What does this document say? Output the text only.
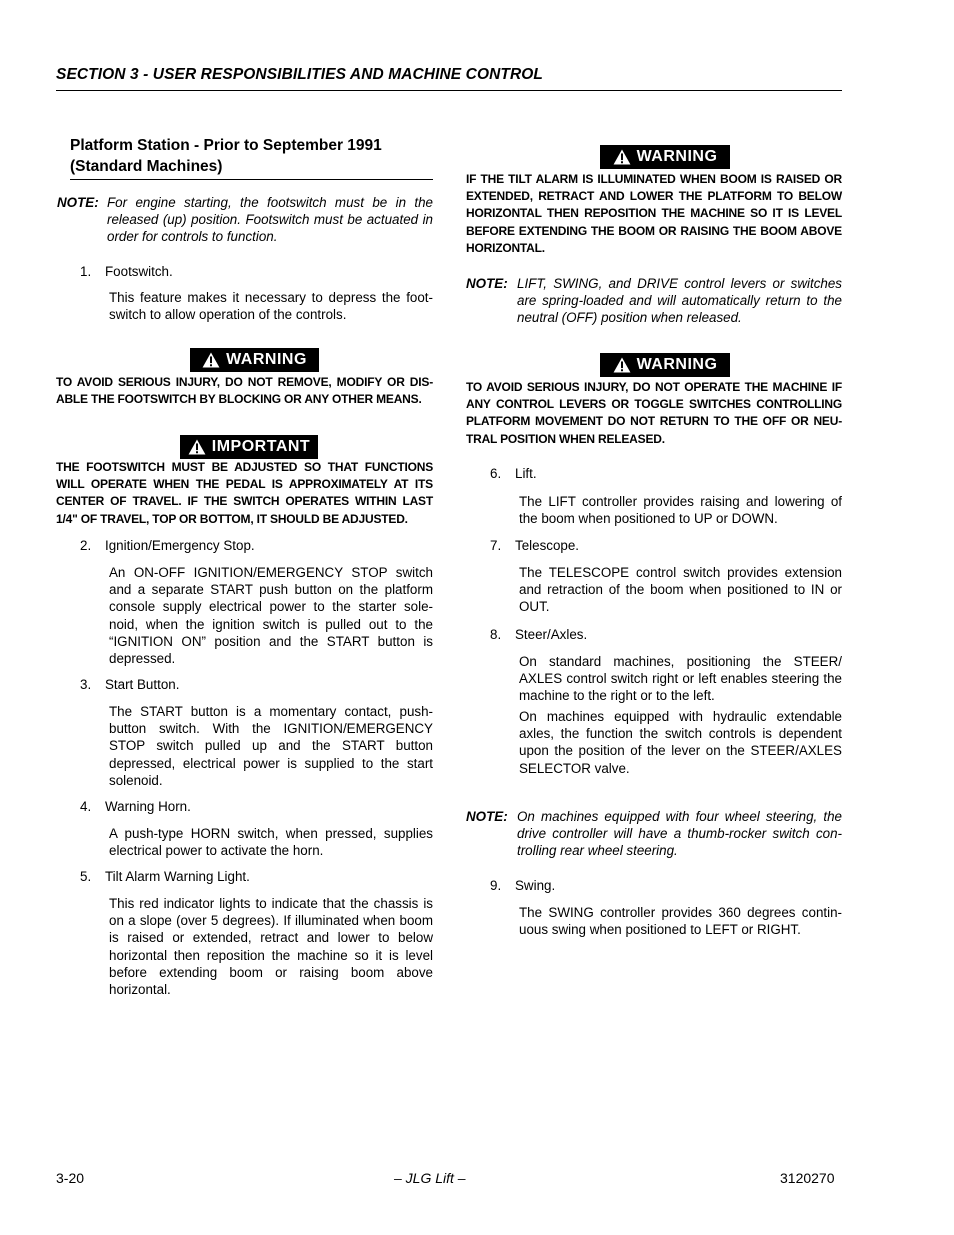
SECTION 3 - USER RESPONSIBILITIES AND MACHINE CONTROL
Platform Station - Prior to September 1991
(Standard Machines)
NOTE: For engine starting, the footswitch must be in the released (up) position. Footswitch must be actuated in order for controls to function.
1. Footswitch.
This feature makes it necessary to depress the foot-switch to allow operation of the controls.
WARNING
TO AVOID SERIOUS INJURY, DO NOT REMOVE, MODIFY OR DIS-ABLE THE FOOTSWITCH BY BLOCKING OR ANY OTHER MEANS.
IMPORTANT
THE FOOTSWITCH MUST BE ADJUSTED SO THAT FUNCTIONS WILL OPERATE WHEN THE PEDAL IS APPROXIMATELY AT ITS CENTER OF TRAVEL. IF THE SWITCH OPERATES WITHIN LAST 1/4" OF TRAVEL, TOP OR BOTTOM, IT SHOULD BE ADJUSTED.
2. Ignition/Emergency Stop.
An ON-OFF IGNITION/EMERGENCY STOP switch and a separate START push button on the platform console supply electrical power to the starter sole-noid, when the ignition switch is pulled out to the “IGNITION ON” position and the START button is depressed.
3. Start Button.
The START button is a momentary contact, push-button switch. With the IGNITION/EMERGENCY STOP switch pulled up and the START button depressed, electrical power is supplied to the start solenoid.
4. Warning Horn.
A push-type HORN switch, when pressed, supplies electrical power to activate the horn.
5. Tilt Alarm Warning Light.
This red indicator lights to indicate that the chassis is on a slope (over 5 degrees). If illuminated when boom is raised or extended, retract and lower to below horizontal then reposition the machine so it is level before extending boom or raising boom above horizontal.
WARNING
IF THE TILT ALARM IS ILLUMINATED WHEN BOOM IS RAISED OR EXTENDED, RETRACT AND LOWER THE PLATFORM TO BELOW HORIZONTAL THEN REPOSITION THE MACHINE SO IT IS LEVEL BEFORE EXTENDING THE BOOM OR RAISING THE BOOM ABOVE HORIZONTAL.
NOTE: LIFT, SWING, and DRIVE control levers or switches are spring-loaded and will automatically return to the neutral (OFF) position when released.
WARNING
TO AVOID SERIOUS INJURY, DO NOT OPERATE THE MACHINE IF ANY CONTROL LEVERS OR TOGGLE SWITCHES CONTROLLING PLATFORM MOVEMENT DO NOT RETURN TO THE OFF OR NEU-TRAL POSITION WHEN RELEASED.
6. Lift.
The LIFT controller provides raising and lowering of the boom when positioned to UP or DOWN.
7. Telescope.
The TELESCOPE control switch provides extension and retraction of the boom when positioned to IN or OUT.
8. Steer/Axles.
On standard machines, positioning the STEER/ AXLES control switch right or left enables steering the machine to the right or to the left.
On machines equipped with hydraulic extendable axles, the function the switch controls is dependent upon the position of the lever on the STEER/AXLES SELECTOR valve.
NOTE: On machines equipped with four wheel steering, the drive controller will have a thumb-rocker switch con-trolling rear wheel steering.
9. Swing.
The SWING controller provides 360 degrees contin-uous swing when positioned to LEFT or RIGHT.
3-20	– JLG Lift –	3120270
